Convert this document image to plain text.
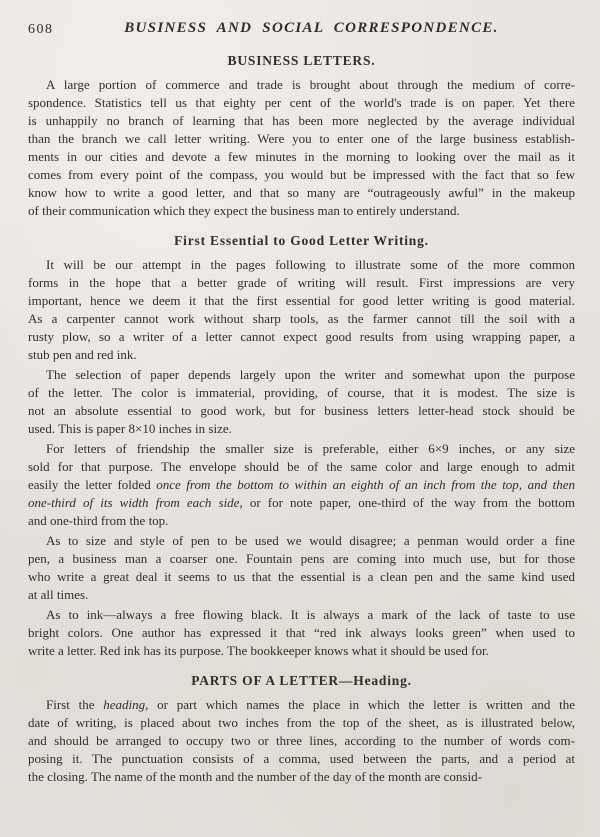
608	BUSINESS AND SOCIAL CORRESPONDENCE.
BUSINESS LETTERS.
A large portion of commerce and trade is brought about through the medium of corre-
spondence. Statistics tell us that eighty per cent of the world's trade is on paper. Yet there
is unhappily no branch of learning that has been more neglected by the average individual
than the branch we call letter writing. Were you to enter one of the large business establish-
ments in our cities and devote a few minutes in the morning to looking over the mail as it
comes from every point of the compass, you would but be impressed with the fact that so few
know how to write a good letter, and that so many are “outrageously awful” in the makeup
of their communication which they expect the business man to entirely understand.
First Essential to Good Letter Writing.
It will be our attempt in the pages following to illustrate some of the more common
forms in the hope that a better grade of writing will result. First impressions are very
important, hence we deem it that the first essential for good letter writing is good material.
As a carpenter cannot work without sharp tools, as the farmer cannot till the soil with a
rusty plow, so a writer of a letter cannot expect good results from using wrapping paper, a
stub pen and red ink.
The selection of paper depends largely upon the writer and somewhat upon the purpose
of the letter. The color is immaterial, providing, of course, that it is modest. The size is
not an absolute essential to good work, but for business letters letter-head stock should be
used. This is paper 8×10 inches in size.
For letters of friendship the smaller size is preferable, either 6×9 inches, or any size
sold for that purpose. The envelope should be of the same color and large enough to admit
easily the letter folded once from the bottom to within an eighth of an inch from the top, and then
one-third of its width from each side, or for note paper, one-third of the way from the bottom
and one-third from the top.
As to size and style of pen to be used we would disagree; a penman would order a fine
pen, a business man a coarser one. Fountain pens are coming into much use, but for those
who write a great deal it seems to us that the essential is a clean pen and the same kind used
at all times.
As to ink—always a free flowing black. It is always a mark of the lack of taste to use
bright colors. One author has expressed it that “red ink always looks green” when used to
write a letter. Red ink has its purpose. The bookkeeper knows what it should be used for.
PARTS OF A LETTER—Heading.
First the heading, or part which names the place in which the letter is written and the
date of writing, is placed about two inches from the top of the sheet, as is illustrated below,
and should be arranged to occupy two or three lines, according to the number of words com-
posing it. The punctuation consists of a comma, used between the parts, and a period at
the closing. The name of the month and the number of the day of the month are consid-
